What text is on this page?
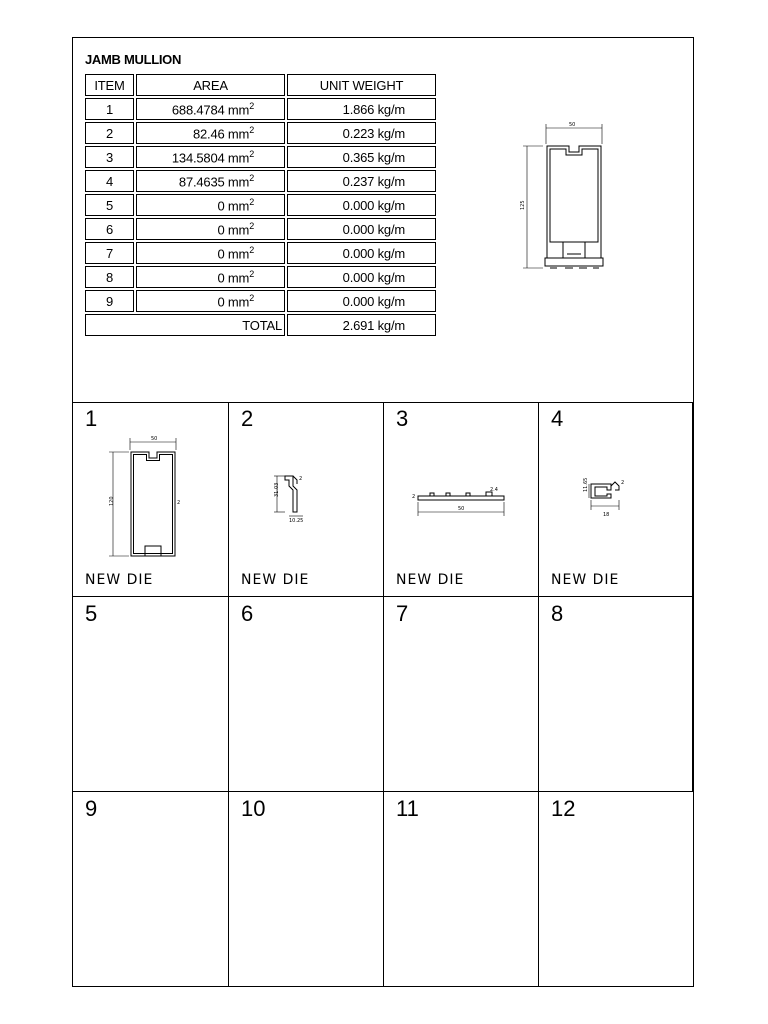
JAMB MULLION
ITEM	AREA	UNIT WEIGHT
1	688.4784 $mm^2$	1.866 kg/m
2	82.46 $mm^2$	0.223 kg/m
3	134.5804 $mm^2$	0.365 kg/m
4	87.4635 $mm^2$	0.237 kg/m
5	0 $mm^2$	0.000 kg/m
6	0 $mm^2$	0.000 kg/m
7	0 $mm^2$	0.000 kg/m
8	0 $mm^2$	0.000 kg/m
9	0 $mm^2$	0.000 kg/m
TOTAL		2.691 kg/m
50
125
1
50
120	2
NEW DIE
2
31.03
2
10.25
NEW DIE
3
2
2.4
50
NEW DIE
4
11.65	2
18
NEW DIE
5	6	7	8
9	10	11	12
